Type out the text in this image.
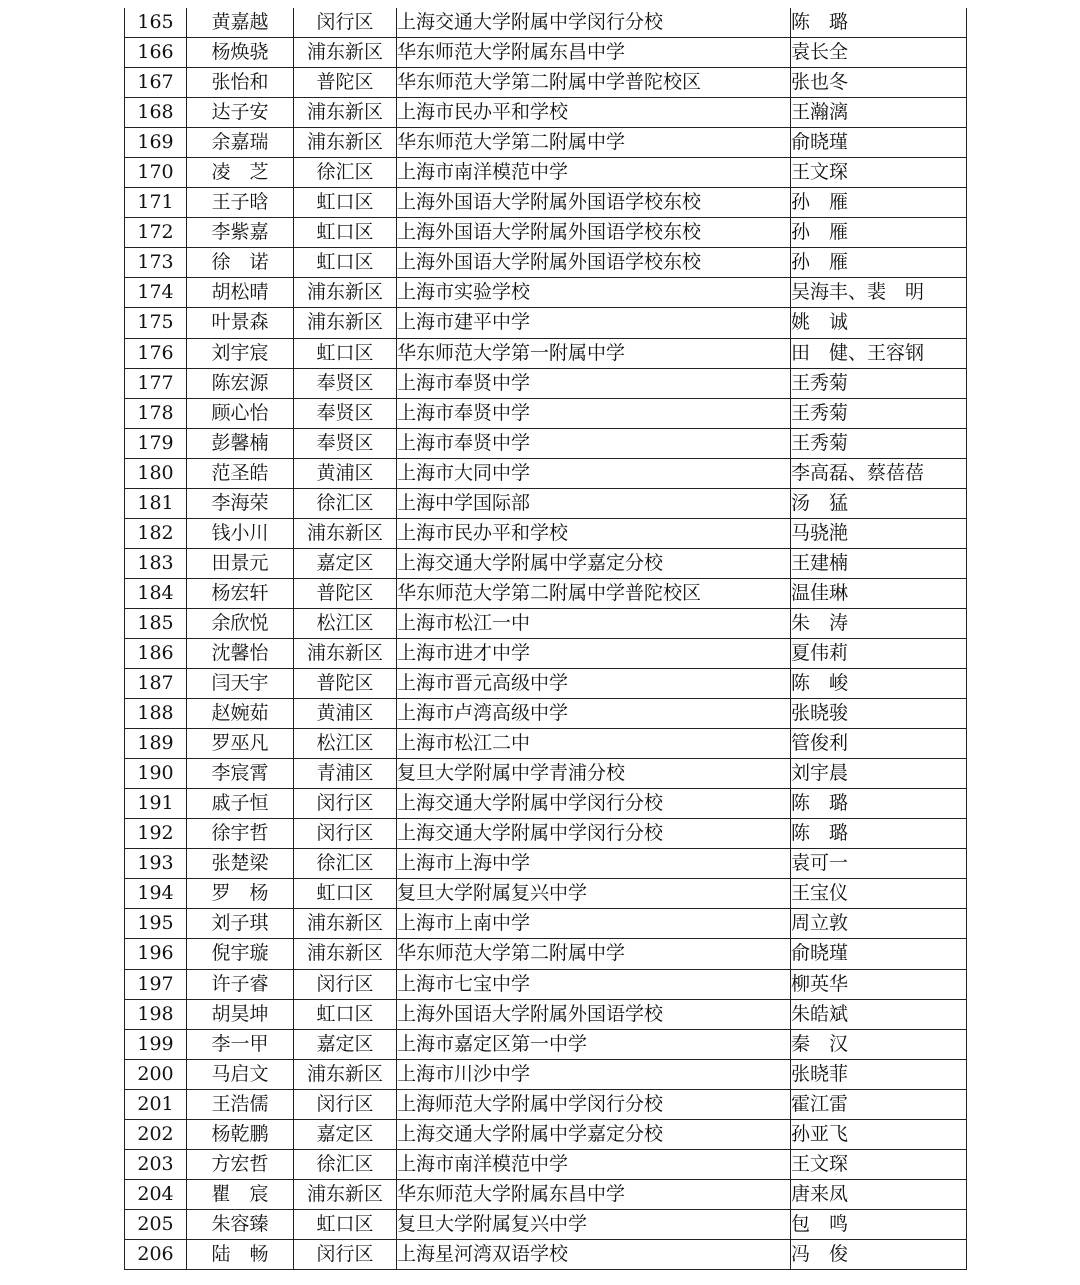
165	黄嘉越	闵行区	上海交通大学附属中学闵行分校	陈　璐
166	杨焕骁	浦东新区	华东师范大学附属东昌中学	袁长全
167	张怡和	普陀区	华东师范大学第二附属中学普陀校区	张也冬
168	达子安	浦东新区	上海市民办平和学校	王瀚漓
169	余嘉瑞	浦东新区	华东师范大学第二附属中学	俞晓瑾
170	凌　芝	徐汇区	上海市南洋模范中学	王文琛
171	王子晗	虹口区	上海外国语大学附属外国语学校东校	孙　雁
172	李紫嘉	虹口区	上海外国语大学附属外国语学校东校	孙　雁
173	徐　诺	虹口区	上海外国语大学附属外国语学校东校	孙　雁
174	胡松晴	浦东新区	上海市实验学校	吴海丰、裴　明
175	叶景森	浦东新区	上海市建平中学	姚　诚
176	刘宇宸	虹口区	华东师范大学第一附属中学	田　健、王容钢
177	陈宏源	奉贤区	上海市奉贤中学	王秀菊
178	顾心怡	奉贤区	上海市奉贤中学	王秀菊
179	彭馨楠	奉贤区	上海市奉贤中学	王秀菊
180	范圣皓	黄浦区	上海市大同中学	李高磊、蔡蓓蓓
181	李海荣	徐汇区	上海中学国际部	汤　猛
182	钱小川	浦东新区	上海市民办平和学校	马骁滟
183	田景元	嘉定区	上海交通大学附属中学嘉定分校	王建楠
184	杨宏轩	普陀区	华东师范大学第二附属中学普陀校区	温佳琳
185	余欣悦	松江区	上海市松江一中	朱　涛
186	沈馨怡	浦东新区	上海市进才中学	夏伟莉
187	闫天宇	普陀区	上海市晋元高级中学	陈　峻
188	赵婉茹	黄浦区	上海市卢湾高级中学	张晓骏
189	罗巫凡	松江区	上海市松江二中	管俊利
190	李宸霄	青浦区	复旦大学附属中学青浦分校	刘宇晨
191	戚子恒	闵行区	上海交通大学附属中学闵行分校	陈　璐
192	徐宇哲	闵行区	上海交通大学附属中学闵行分校	陈　璐
193	张楚梁	徐汇区	上海市上海中学	袁可一
194	罗　杨	虹口区	复旦大学附属复兴中学	王宝仪
195	刘子琪	浦东新区	上海市上南中学	周立敦
196	倪宇璇	浦东新区	华东师范大学第二附属中学	俞晓瑾
197	许子睿	闵行区	上海市七宝中学	柳英华
198	胡昊坤	虹口区	上海外国语大学附属外国语学校	朱皓斌
199	李一甲	嘉定区	上海市嘉定区第一中学	秦　汉
200	马启文	浦东新区	上海市川沙中学	张晓菲
201	王浩儒	闵行区	上海师范大学附属中学闵行分校	霍江雷
202	杨乾鹏	嘉定区	上海交通大学附属中学嘉定分校	孙亚飞
203	方宏哲	徐汇区	上海市南洋模范中学	王文琛
204	瞿　宸	浦东新区	华东师范大学附属东昌中学	唐来凤
205	朱容臻	虹口区	复旦大学附属复兴中学	包　鸣
206	陆　畅	闵行区	上海星河湾双语学校	冯　俊
